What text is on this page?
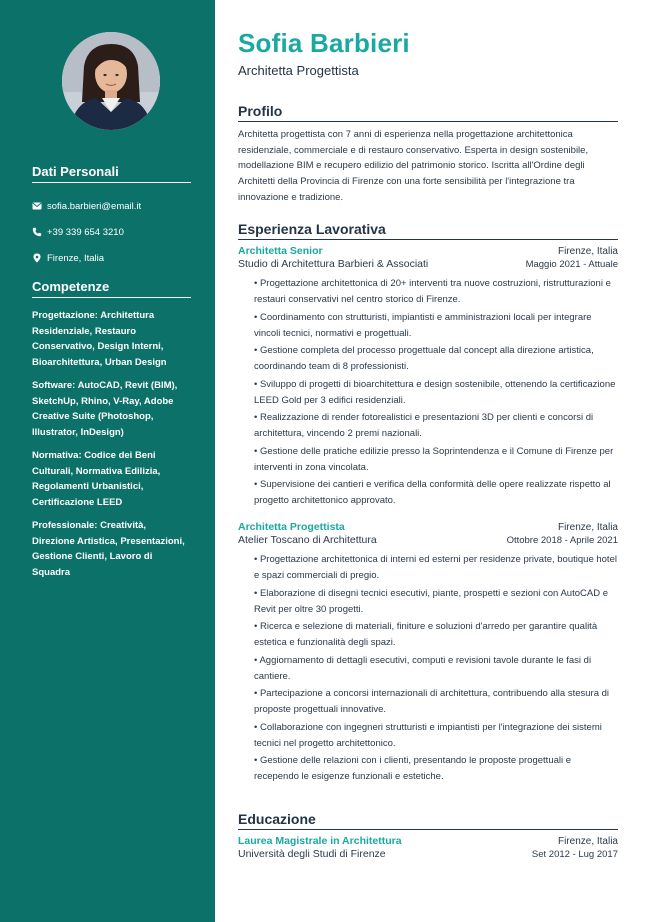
Dati Personali
sofia.barbieri@email.it
+39 339 654 3210
Firenze, Italia
Competenze
Progettazione: Architettura Residenziale, Restauro Conservativo, Design Interni, Bioarchitettura, Urban Design
Software: AutoCAD, Revit (BIM), SketchUp, Rhino, V-Ray, Adobe Creative Suite (Photoshop, Illustrator, InDesign)
Normativa: Codice dei Beni Culturali, Normativa Edilizia, Regolamenti Urbanistici, Certificazione LEED
Professionale: Creatività, Direzione Artistica, Presentazioni, Gestione Clienti, Lavoro di Squadra
Sofia Barbieri
Architetta Progettista
Profilo

Architetta progettista con 7 anni di esperienza nella progettazione architettonica residenziale, commerciale e di restauro conservativo. Esperta in design sostenibile, modellazione BIM e recupero edilizio del patrimonio storico. Iscritta all'Ordine degli Architetti della Provincia di Firenze con una forte sensibilità per l'integrazione tra innovazione e tradizione.

Esperienza Lavorativa
Architetta Senior	Firenze, Italia
Studio di Architettura Barbieri & Associati	Maggio 2021 - Attuale
• Progettazione architettonica di 20+ interventi tra nuove costruzioni, ristrutturazioni e restauri conservativi nel centro storico di Firenze.
• Coordinamento con strutturisti, impiantisti e amministrazioni locali per integrare vincoli tecnici, normativi e progettuali.
• Gestione completa del processo progettuale dal concept alla direzione artistica, coordinando team di 8 professionisti.
• Sviluppo di progetti di bioarchitettura e design sostenibile, ottenendo la certificazione LEED Gold per 3 edifici residenziali.
• Realizzazione di render fotorealistici e presentazioni 3D per clienti e concorsi di architettura, vincendo 2 premi nazionali.
• Gestione delle pratiche edilizie presso la Soprintendenza e il Comune di Firenze per interventi in zona vincolata.
• Supervisione dei cantieri e verifica della conformità delle opere realizzate rispetto al progetto architettonico approvato.
Architetta Progettista	Firenze, Italia
Atelier Toscano di Architettura	Ottobre 2018 - Aprile 2021
• Progettazione architettonica di interni ed esterni per residenze private, boutique hotel e spazi commerciali di pregio.
• Elaborazione di disegni tecnici esecutivi, piante, prospetti e sezioni con AutoCAD e Revit per oltre 30 progetti.
• Ricerca e selezione di materiali, finiture e soluzioni d'arredo per garantire qualità estetica e funzionalità degli spazi.
• Aggiornamento di dettagli esecutivi, computi e revisioni tavole durante le fasi di cantiere.
• Partecipazione a concorsi internazionali di architettura, contribuendo alla stesura di proposte progettuali innovative.
• Collaborazione con ingegneri strutturisti e impiantisti per l'integrazione dei sistemi tecnici nel progetto architettonico.
• Gestione delle relazioni con i clienti, presentando le proposte progettuali e recependo le esigenze funzionali e estetiche.
Educazione
Laurea Magistrale in Architettura	Firenze, Italia
Università degli Studi di Firenze	Set 2012 - Lug 2017
